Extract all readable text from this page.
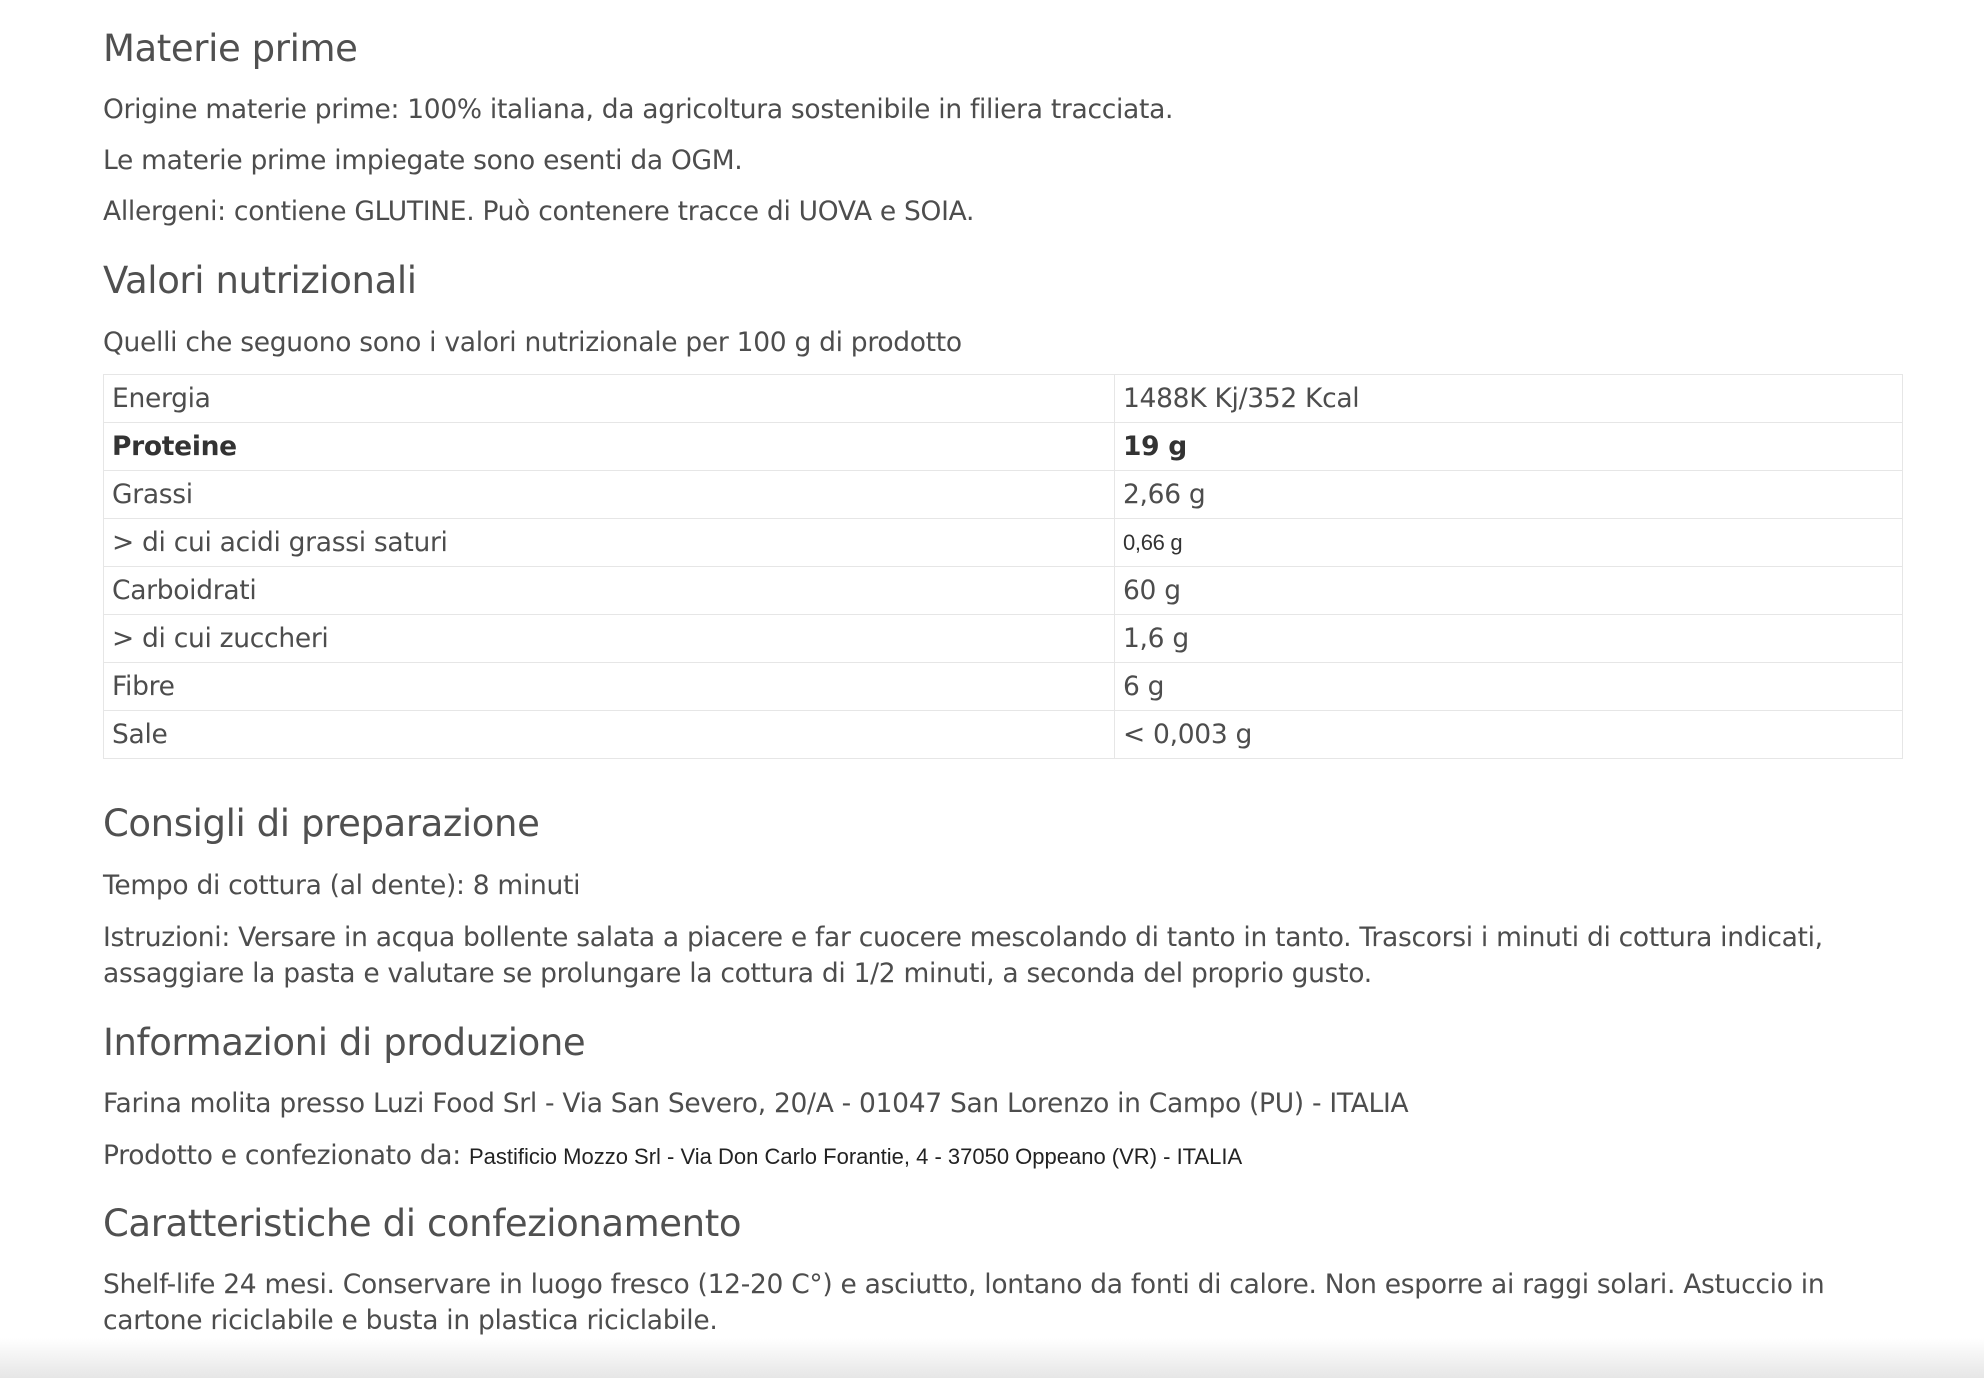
Materie prime

Origine materie prime: 100% italiana, da agricoltura sostenibile in filiera tracciata.

Le materie prime impiegate sono esenti da OGM.

Allergeni: contiene GLUTINE. Può contenere tracce di UOVA e SOIA.

Valori nutrizionali

Quelli che seguono sono i valori nutrizionale per 100 g di prodotto

Energia	1488K Kj/352 Kcal
Proteine	19 g
Grassi	2,66 g
> di cui acidi grassi saturi	0,66 g
Carboidrati	60 g
> di cui zuccheri	1,6 g
Fibre	6 g
Sale	< 0,003 g
Consigli di preparazione

Tempo di cottura (al dente): 8 minuti

Istruzioni: Versare in acqua bollente salata a piacere e far cuocere mescolando di tanto in tanto. Trascorsi i minuti di cottura indicati, assaggiare la pasta e valutare se prolungare la cottura di 1/2 minuti, a seconda del proprio gusto.

Informazioni di produzione

Farina molita presso Luzi Food Srl - Via San Severo, 20/A - 01047 San Lorenzo in Campo (PU) - ITALIA

Prodotto e confezionato da: Pastificio Mozzo Srl - Via Don Carlo Forantie, 4 - 37050 Oppeano (VR) - ITALIA

Caratteristiche di confezionamento

Shelf-life 24 mesi. Conservare in luogo fresco (12-20 C°) e asciutto, lontano da fonti di calore. Non esporre ai raggi solari. Astuccio in cartone riciclabile e busta in plastica riciclabile.
